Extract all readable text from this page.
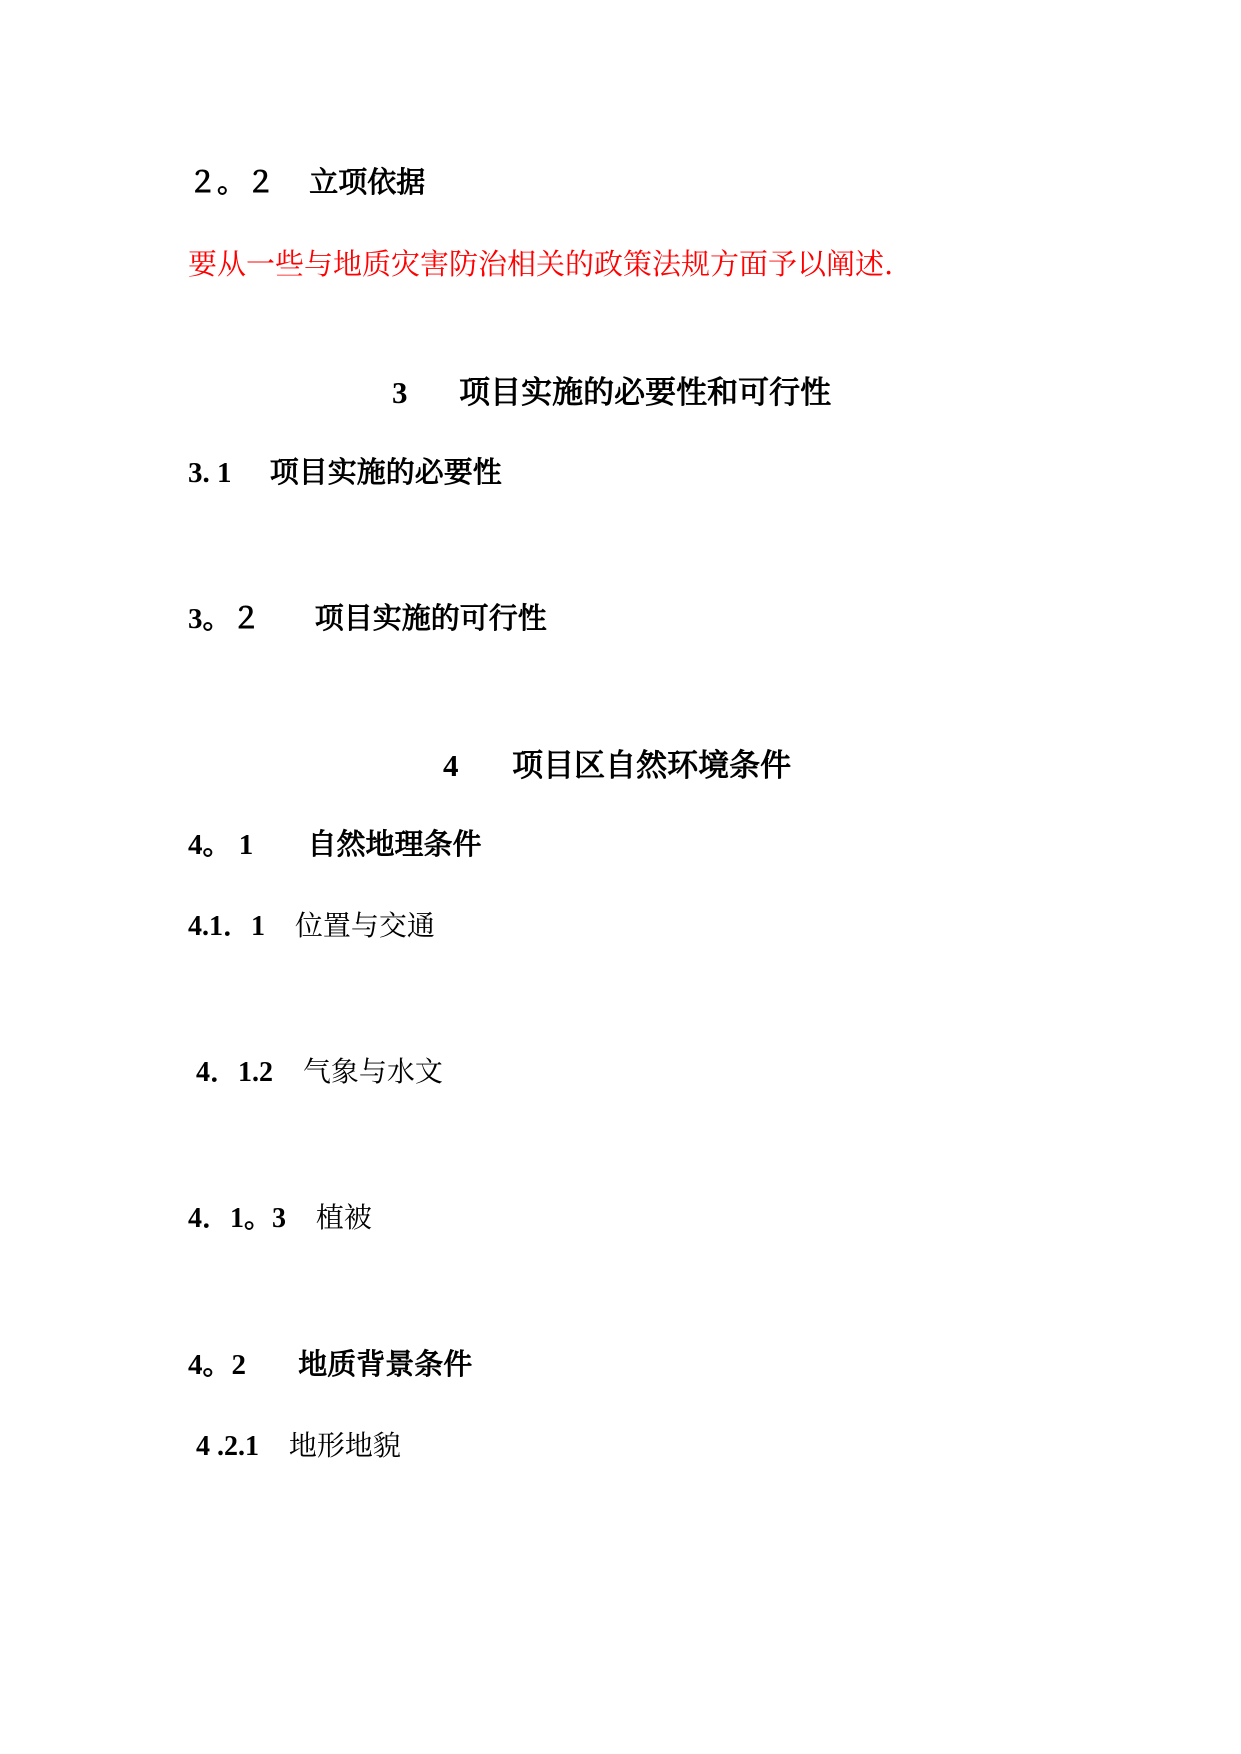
２。２ 立项依据
要从一些与地质灾害防治相关的政策法规方面予以阐述.
3 项目实施的必要性和可行性
3. 1 项目实施的必要性
3。２ 项目实施的可行性
4 项目区自然环境条件
4。 1 自然地理条件
4.1．1 位置与交通
4．1.2 气象与水文
4．1。3 植被
4。2 地质背景条件
4 .2.1 地形地貌
